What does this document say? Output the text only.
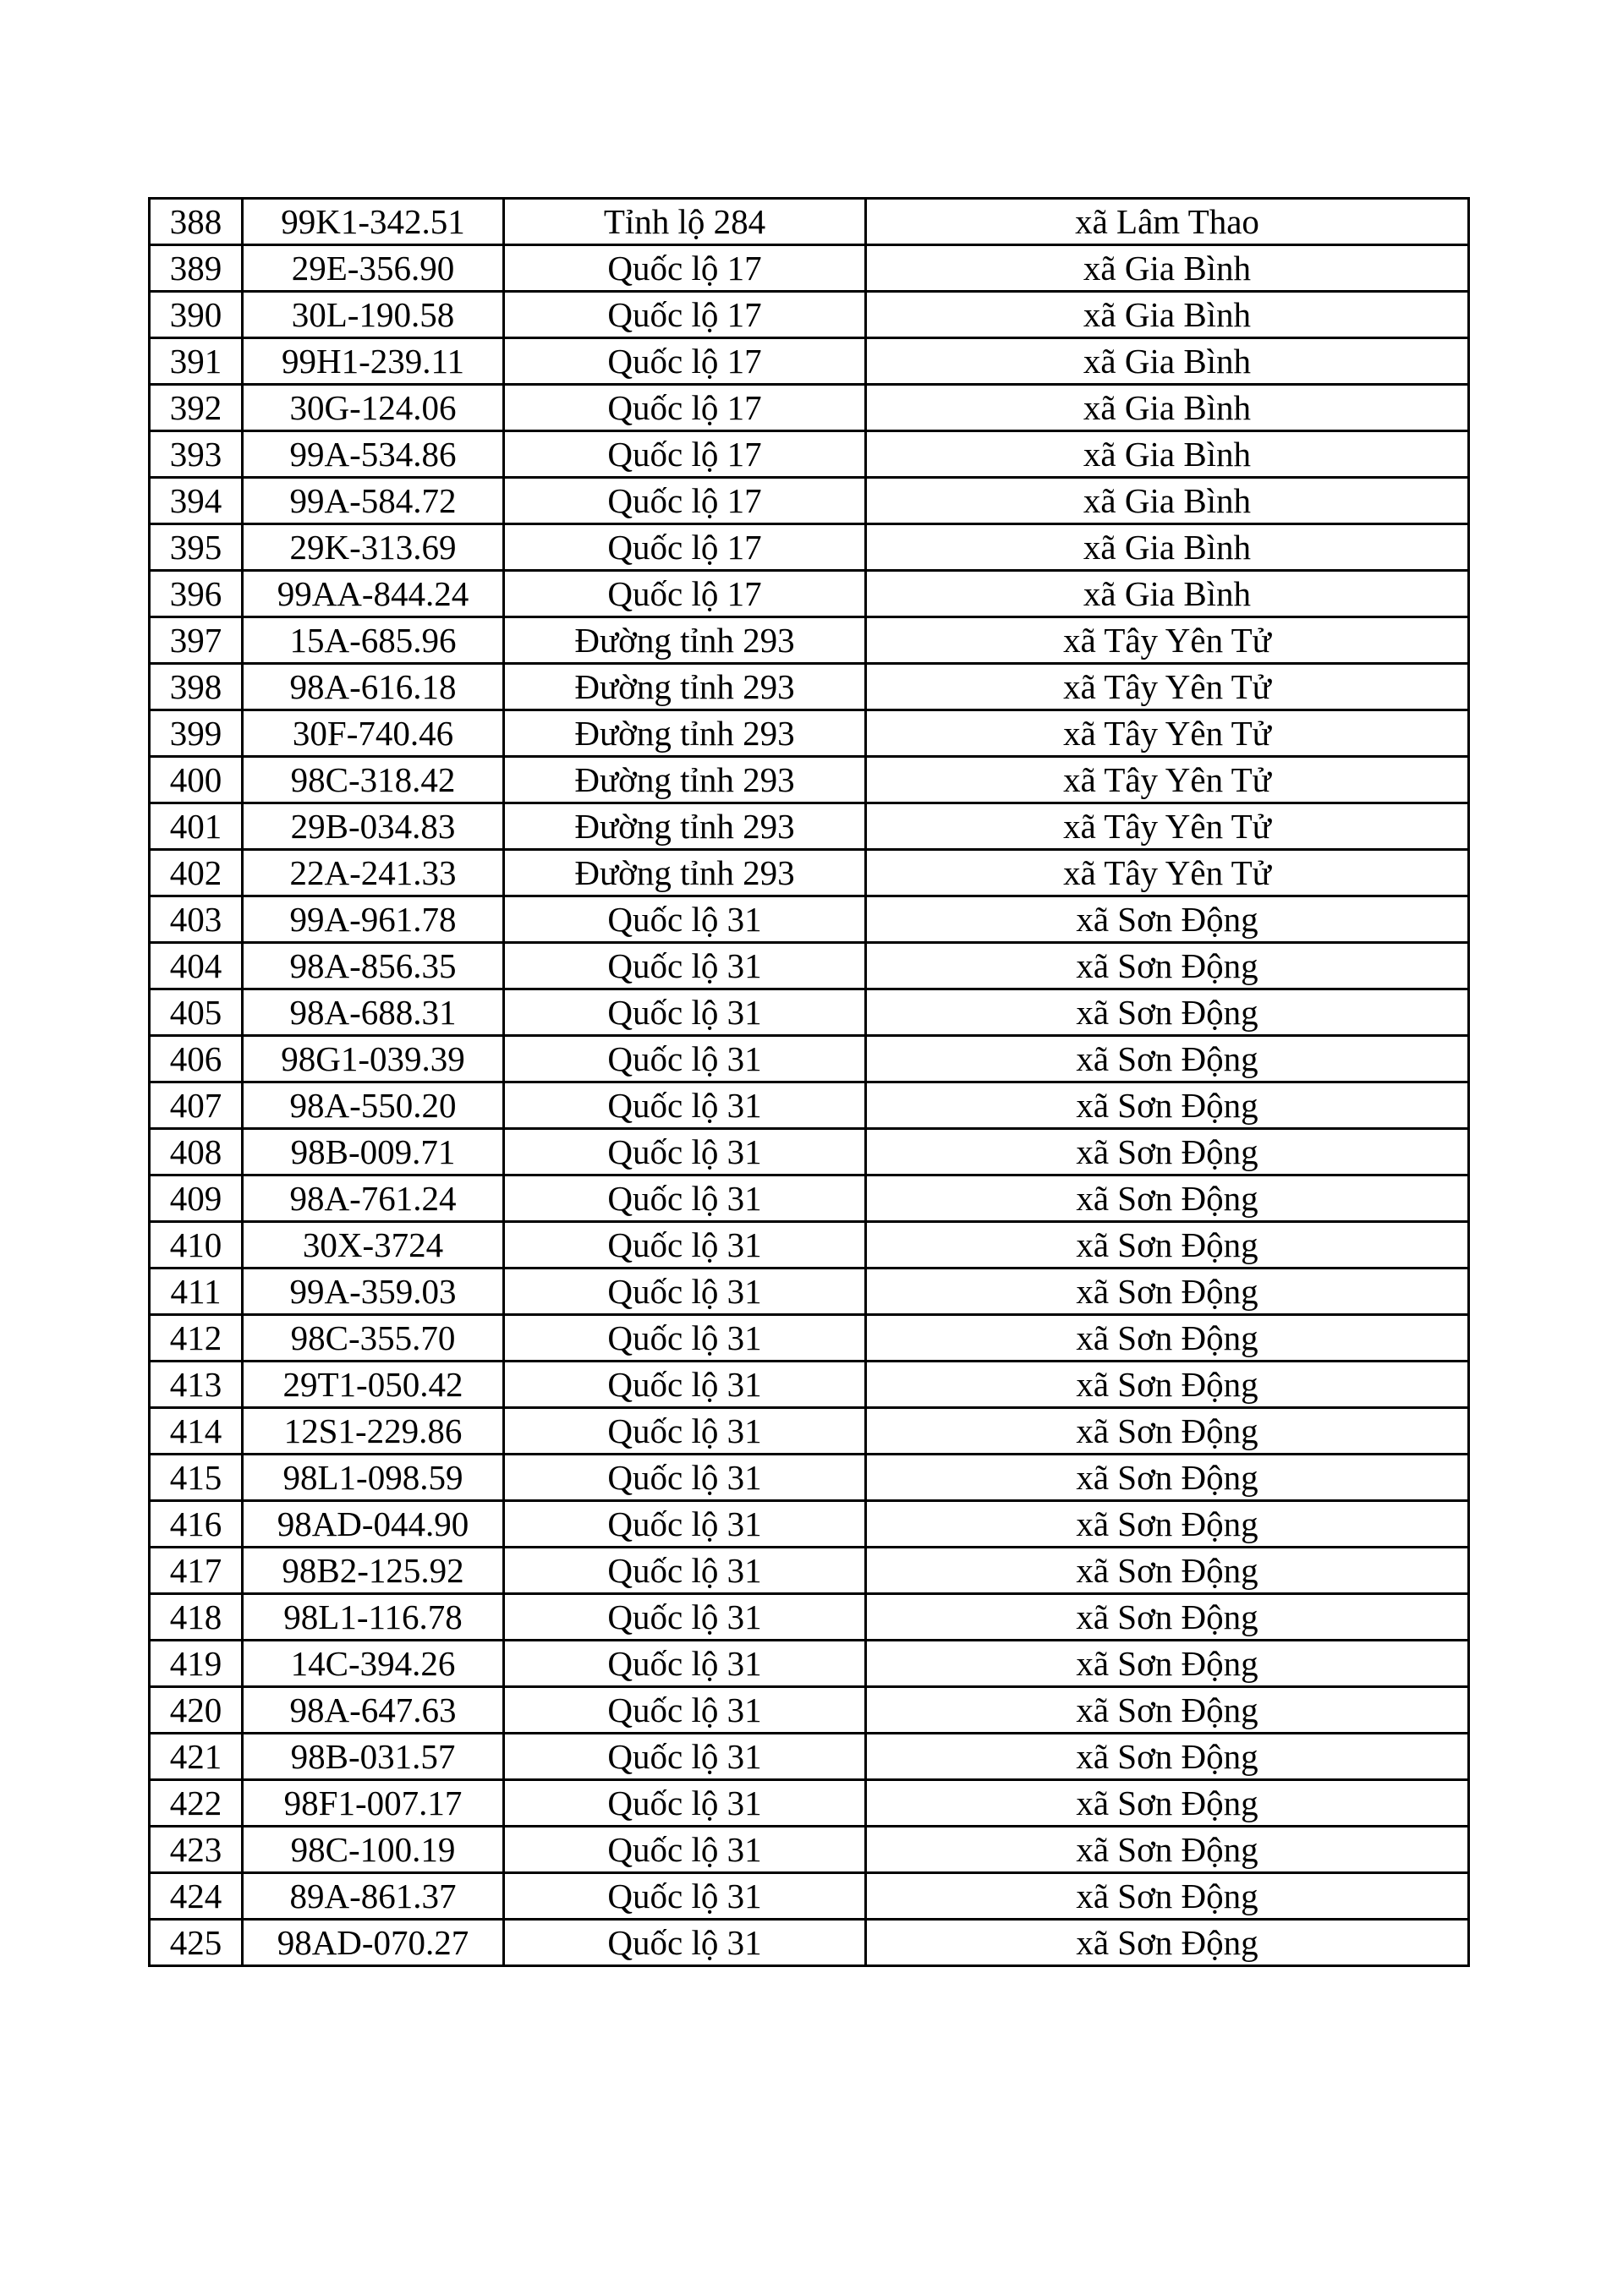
388	99K1-342.51	Tỉnh lộ 284	xã Lâm Thao
389	29E-356.90	Quốc lộ 17	xã Gia Bình
390	30L-190.58	Quốc lộ 17	xã Gia Bình
391	99H1-239.11	Quốc lộ 17	xã Gia Bình
392	30G-124.06	Quốc lộ 17	xã Gia Bình
393	99A-534.86	Quốc lộ 17	xã Gia Bình
394	99A-584.72	Quốc lộ 17	xã Gia Bình
395	29K-313.69	Quốc lộ 17	xã Gia Bình
396	99AA-844.24	Quốc lộ 17	xã Gia Bình
397	15A-685.96	Đường tỉnh 293	xã Tây Yên Tử
398	98A-616.18	Đường tỉnh 293	xã Tây Yên Tử
399	30F-740.46	Đường tỉnh 293	xã Tây Yên Tử
400	98C-318.42	Đường tỉnh 293	xã Tây Yên Tử
401	29B-034.83	Đường tỉnh 293	xã Tây Yên Tử
402	22A-241.33	Đường tỉnh 293	xã Tây Yên Tử
403	99A-961.78	Quốc lộ 31	xã Sơn Động
404	98A-856.35	Quốc lộ 31	xã Sơn Động
405	98A-688.31	Quốc lộ 31	xã Sơn Động
406	98G1-039.39	Quốc lộ 31	xã Sơn Động
407	98A-550.20	Quốc lộ 31	xã Sơn Động
408	98B-009.71	Quốc lộ 31	xã Sơn Động
409	98A-761.24	Quốc lộ 31	xã Sơn Động
410	30X-3724	Quốc lộ 31	xã Sơn Động
411	99A-359.03	Quốc lộ 31	xã Sơn Động
412	98C-355.70	Quốc lộ 31	xã Sơn Động
413	29T1-050.42	Quốc lộ 31	xã Sơn Động
414	12S1-229.86	Quốc lộ 31	xã Sơn Động
415	98L1-098.59	Quốc lộ 31	xã Sơn Động
416	98AD-044.90	Quốc lộ 31	xã Sơn Động
417	98B2-125.92	Quốc lộ 31	xã Sơn Động
418	98L1-116.78	Quốc lộ 31	xã Sơn Động
419	14C-394.26	Quốc lộ 31	xã Sơn Động
420	98A-647.63	Quốc lộ 31	xã Sơn Động
421	98B-031.57	Quốc lộ 31	xã Sơn Động
422	98F1-007.17	Quốc lộ 31	xã Sơn Động
423	98C-100.19	Quốc lộ 31	xã Sơn Động
424	89A-861.37	Quốc lộ 31	xã Sơn Động
425	98AD-070.27	Quốc lộ 31	xã Sơn Động
